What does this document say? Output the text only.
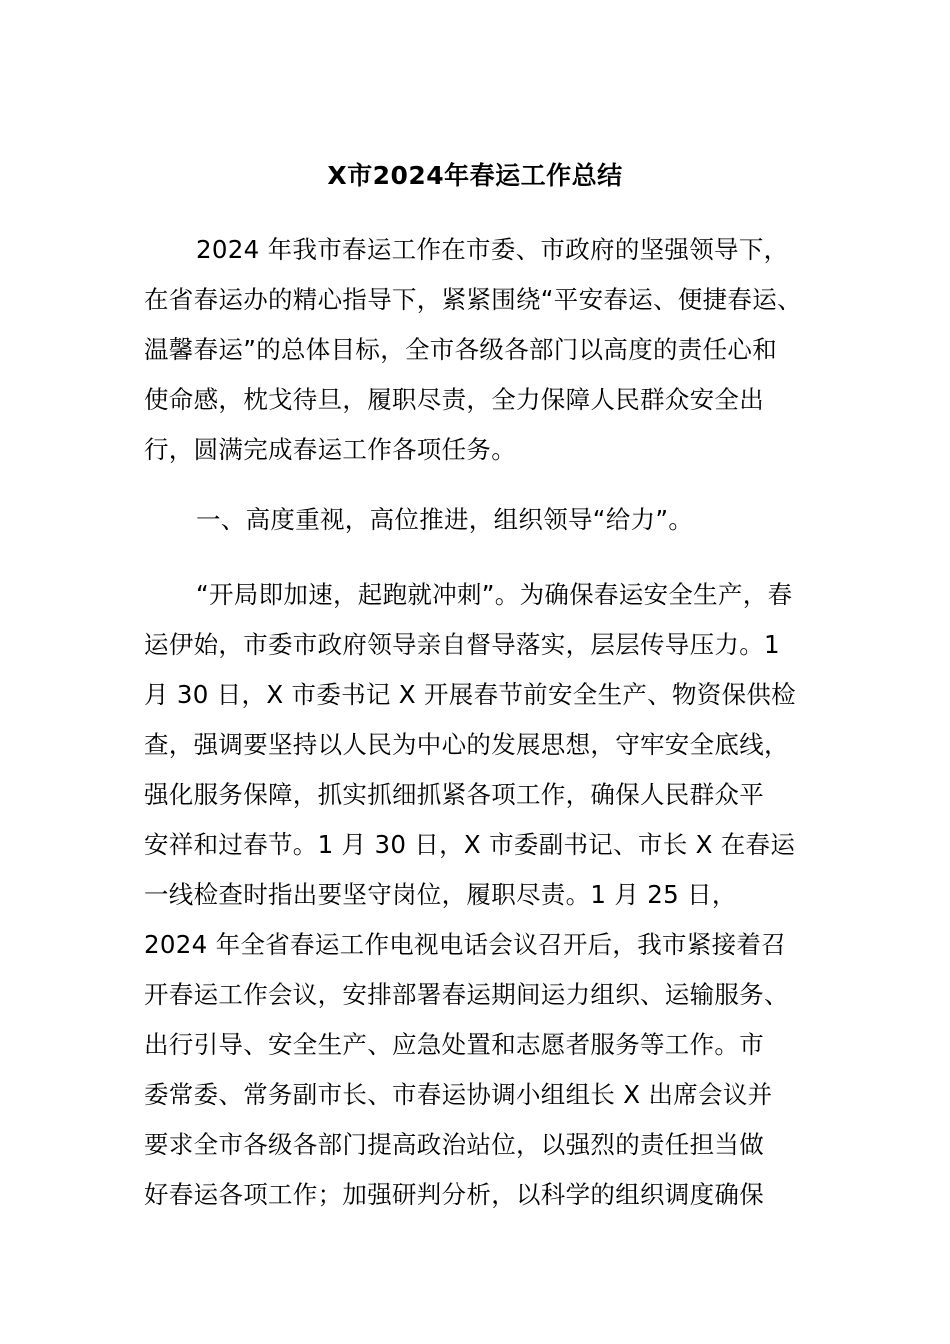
X市2024年春运工作总结
2024 年我市春运工作在市委、市政府的坚强领导下，
在省春运办的精心指导下，紧紧围绕“平安春运、便捷春运、
温馨春运”的总体目标，全市各级各部门以高度的责任心和
使命感，枕戈待旦，履职尽责，全力保障人民群众安全出
行，圆满完成春运工作各项任务。
一、高度重视，高位推进，组织领导“给力”。
“开局即加速，起跑就冲刺”。为确保春运安全生产，春
运伊始，市委市政府领导亲自督导落实，层层传导压力。1
月 30 日，X 市委书记 X 开展春节前安全生产、物资保供检
查，强调要坚持以人民为中心的发展思想，守牢安全底线，
强化服务保障，抓实抓细抓紧各项工作，确保人民群众平
安祥和过春节。1 月 30 日，X 市委副书记、市长 X 在春运
一线检查时指出要坚守岗位，履职尽责。1 月 25 日，
2024 年全省春运工作电视电话会议召开后，我市紧接着召
开春运工作会议，安排部署春运期间运力组织、运输服务、
出行引导、安全生产、应急处置和志愿者服务等工作。市
委常委、常务副市长、市春运协调小组组长 X 出席会议并
要求全市各级各部门提高政治站位，以强烈的责任担当做
好春运各项工作；加强研判分析，以科学的组织调度确保
